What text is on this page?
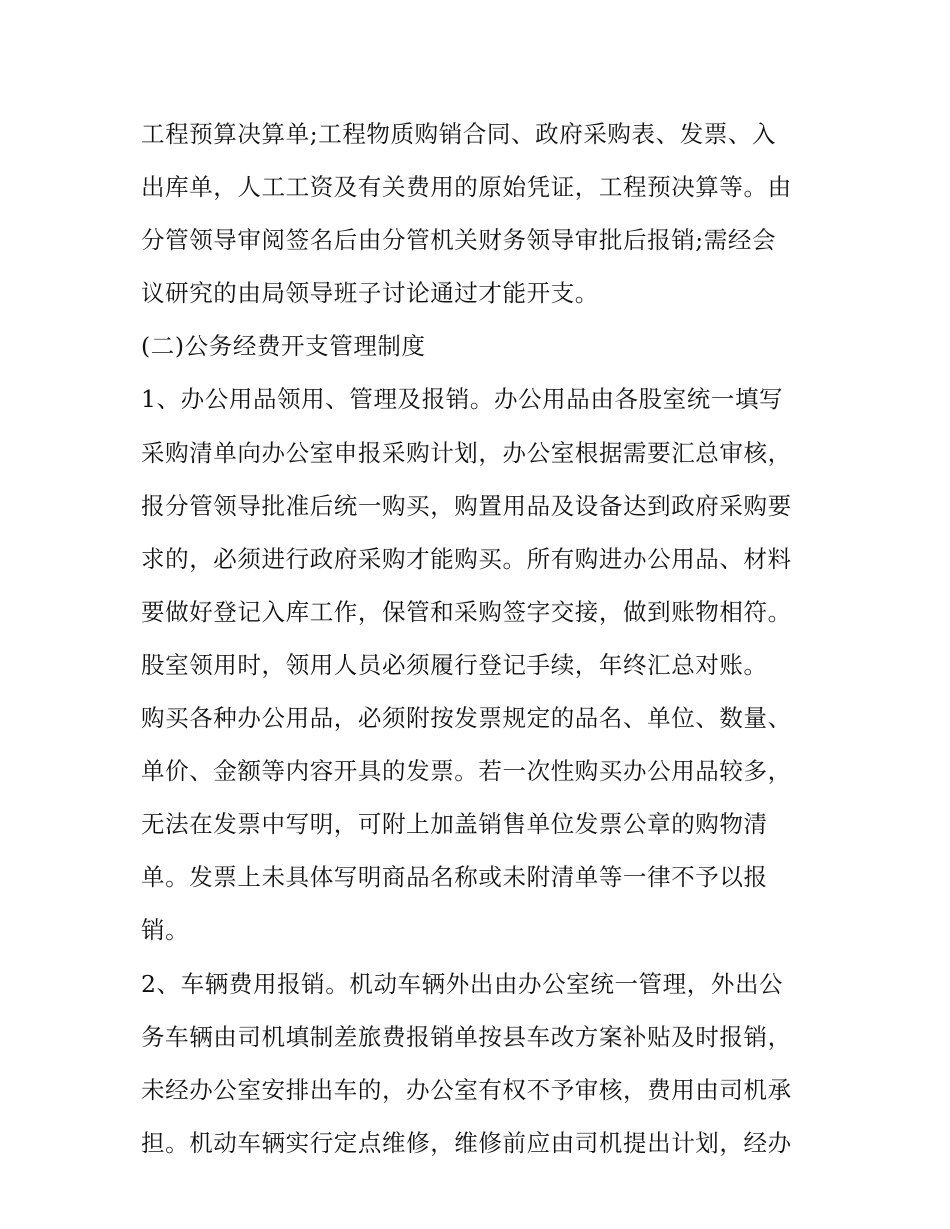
工程预算决算单;工程物质购销合同、政府采购表、发票、入
出库单，人工工资及有关费用的原始凭证，工程预决算等。由
分管领导审阅签名后由分管机关财务领导审批后报销;需经会
议研究的由局领导班子讨论通过才能开支。
(二)公务经费开支管理制度
1、办公用品领用、管理及报销。办公用品由各股室统一填写
采购清单向办公室申报采购计划，办公室根据需要汇总审核，
报分管领导批准后统一购买，购置用品及设备达到政府采购要
求的，必须进行政府采购才能购买。所有购进办公用品、材料
要做好登记入库工作，保管和采购签字交接，做到账物相符。
股室领用时，领用人员必须履行登记手续，年终汇总对账。
购买各种办公用品，必须附按发票规定的品名、单位、数量、
单价、金额等内容开具的发票。若一次性购买办公用品较多，
无法在发票中写明，可附上加盖销售单位发票公章的购物清
单。发票上未具体写明商品名称或未附清单等一律不予以报
销。
2、车辆费用报销。机动车辆外出由办公室统一管理，外出公
务车辆由司机填制差旅费报销单按县车改方案补贴及时报销，
未经办公室安排出车的，办公室有权不予审核，费用由司机承
担。机动车辆实行定点维修，维修前应由司机提出计划，经办
